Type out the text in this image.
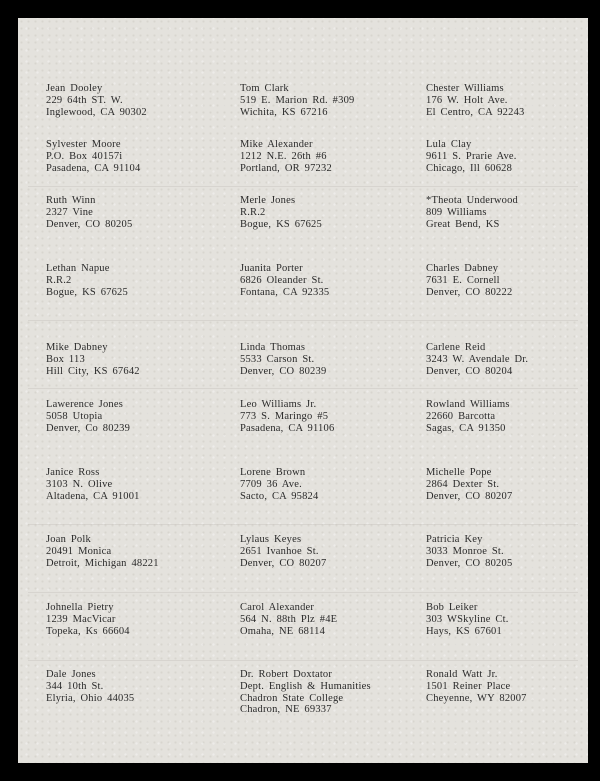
Jean Dooley
229 64th ST. W.
Inglewood, CA 90302
Tom Clark
519 E. Marion Rd. #309
Wichita, KS 67216
Chester Williams
176 W. Holt Ave.
El Centro, CA 92243
Sylvester Moore
P.O. Box 40157i
Pasadena, CA 91104
Mike Alexander
1212 N.E. 26th #6
Portland, OR 97232
Lula Clay
9611 S. Prarie Ave.
Chicago, Ill 60628
Ruth Winn
2327 Vine
Denver, CO 80205
Merle Jones
R.R.2
Bogue, KS 67625
*Theota Underwood
809 Williams
Great Bend, KS
Lethan Napue
R.R.2
Bogue, KS 67625
Juanita Porter
6826 Oleander St.
Fontana, CA 92335
Charles Dabney
7631 E. Cornell
Denver, CO 80222
Mike Dabney
Box 113
Hill City, KS 67642
Linda Thomas
5533 Carson St.
Denver, CO 80239
Carlene Reid
3243 W. Avendale Dr.
Denver, CO 80204
Lawerence Jones
5058 Utopia
Denver, Co 80239
Leo Williams Jr.
773 S. Maringo #5
Pasadena, CA 91106
Rowland Williams
22660 Barcotta
Sagas, CA 91350
Janice Ross
3103 N. Olive
Altadena, CA 91001
Lorene Brown
7709 36 Ave.
Sacto, CA 95824
Michelle Pope
2864 Dexter St.
Denver, CO 80207
Joan Polk
20491 Monica
Detroit, Michigan 48221
Lylaus Keyes
2651 Ivanhoe St.
Denver, CO 80207
Patricia Key
3033 Monroe St.
Denver, CO 80205
Johnella Pietry
1239 MacVicar
Topeka, Ks 66604
Carol Alexander
564 N. 88th Plz #4E
Omaha, NE 68114
Bob Leiker
303 WSkyline Ct.
Hays, KS 67601
Dale Jones
344 10th St.
Elyria, Ohio 44035
Dr. Robert Doxtator
Dept. English & Humanities
Chadron State College
Chadron, NE 69337
Ronald Watt Jr.
1501 Reiner Place
Cheyenne, WY 82007
